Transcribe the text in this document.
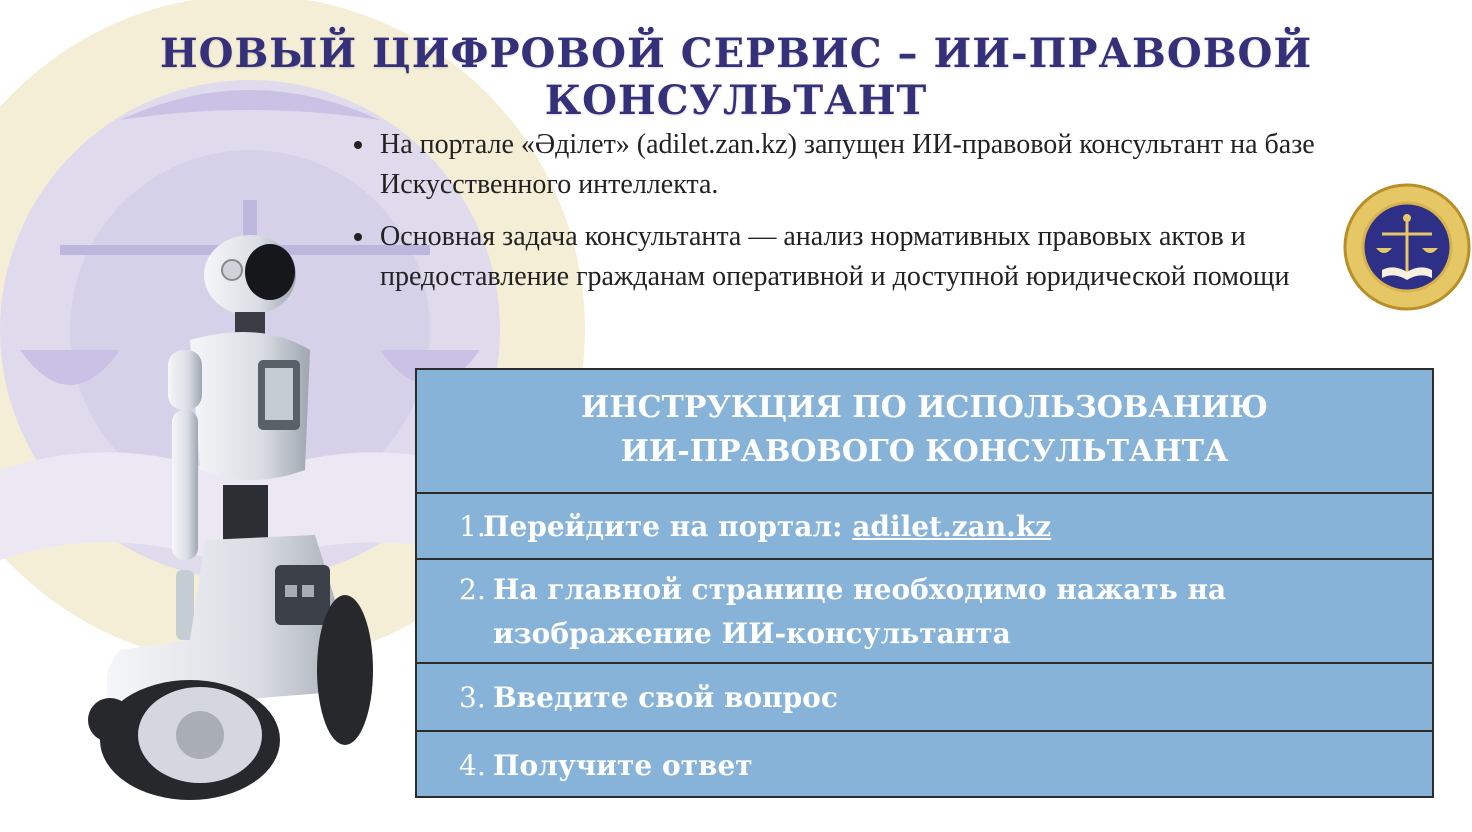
НОВЫЙ ЦИФРОВОЙ СЕРВИС – ИИ-ПРАВОВОЙ КОНСУЛЬТАНТ
На портале «Әділет» (adilet.zan.kz) запущен ИИ-правовой консультант на базе Искусственного интеллекта.
Основная задача консультанта — анализ нормативных правовых актов и предоставление гражданам оперативной и доступной юридической помощи
ИНСТРУКЦИЯ ПО ИСПОЛЬЗОВАНИЮ
ИИ-ПРАВОВОГО КОНСУЛЬТАНТА
1.Перейдите на портал: adilet.zan.kz
2. На главной странице необходимо нажать на
изображение ИИ-консультанта
3. Введите свой вопрос
4. Получите ответ
